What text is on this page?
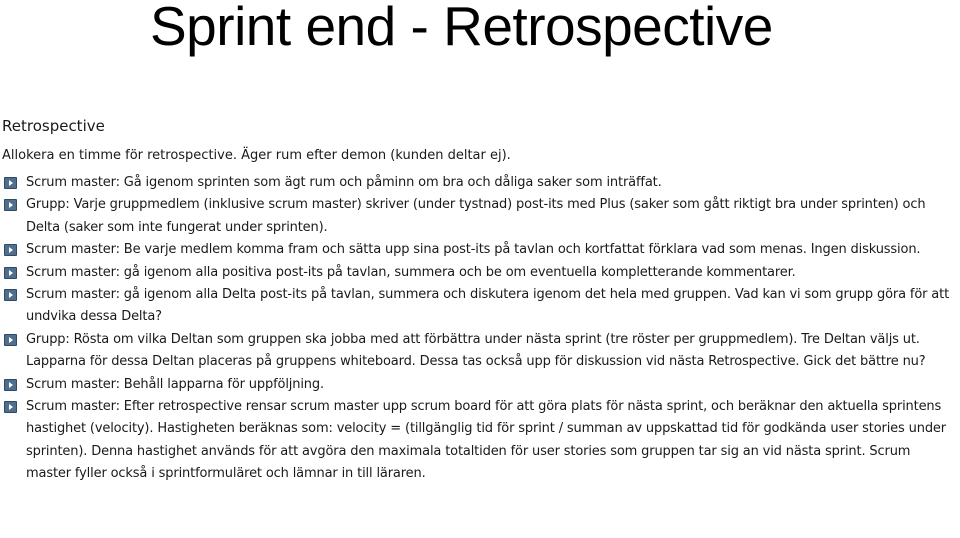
Sprint end - Retrospective
Retrospective
Allokera en timme för retrospective. Äger rum efter demon (kunden deltar ej).
Scrum master: Gå igenom sprinten som ägt rum och påminn om bra och dåliga saker som inträffat.
Grupp: Varje gruppmedlem (inklusive scrum master) skriver (under tystnad) post-its med Plus (saker som gått riktigt bra under sprinten) och Delta (saker som inte fungerat under sprinten).
Scrum master: Be varje medlem komma fram och sätta upp sina post-its på tavlan och kortfattat förklara vad som menas. Ingen diskussion.
Scrum master: gå igenom alla positiva post-its på tavlan, summera och be om eventuella kompletterande kommentarer.
Scrum master: gå igenom alla Delta post-its på tavlan, summera och diskutera igenom det hela med gruppen. Vad kan vi som grupp göra för att undvika dessa Delta?
Grupp: Rösta om vilka Deltan som gruppen ska jobba med att förbättra under nästa sprint (tre röster per gruppmedlem). Tre Deltan väljs ut. Lapparna för dessa Deltan placeras på gruppens whiteboard. Dessa tas också upp för diskussion vid nästa Retrospective. Gick det bättre nu?
Scrum master: Behåll lapparna för uppföljning.
Scrum master: Efter retrospective rensar scrum master upp scrum board för att göra plats för nästa sprint, och beräknar den aktuella sprintens hastighet (velocity). Hastigheten beräknas som: velocity = (tillgänglig tid för sprint / summan av uppskattad tid för godkända user stories under sprinten). Denna hastighet används för att avgöra den maximala totaltiden för user stories som gruppen tar sig an vid nästa sprint. Scrum master fyller också i sprintformuläret och lämnar in till läraren.
